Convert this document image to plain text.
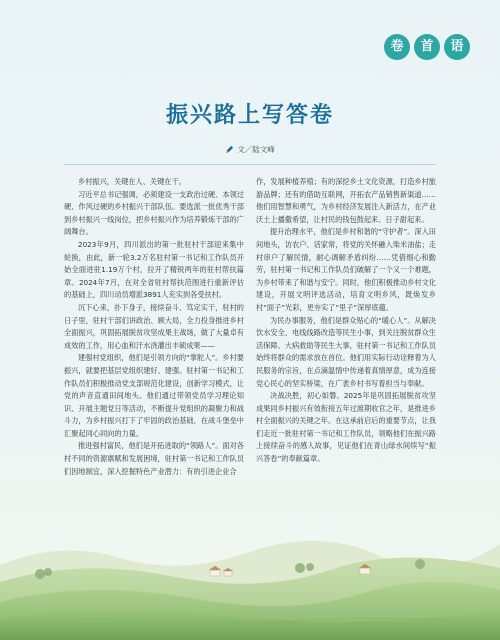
卷	首	语
振兴路上写答卷
文／陆文峰

乡村振兴，关键在人、关键在干。

习近平总书记强调，必须建设一支政治过硬、本领过硬、作风过硬的乡村振兴干部队伍。要选派一批优秀干部到乡村振兴一线岗位，把乡村振兴作为培养锻炼干部的广阔舞台。

2023年9月，四川派出的第一批驻村干部迎来集中轮换，由此，新一轮3.2万名驻村第一书记和工作队员开始全面进驻1.19万个村，拉开了精锐两年的驻村帮扶篇章。2024年7月，在对全省驻村帮扶范围进行重新评估的基础上，四川动员增派3891人充实到各受扶村。

沉下心来，扑下身子，接续奋斗、笃定实干，驻村的日子里，驻村干部们讲政治、顾大局，全力投身推进乡村全面振兴，巩固拓展脱贫攻坚成果主战场，做了大量卓有成效的工作，用心血和汗水浇灌出丰硕成果——

建强村党组织，他们是引领方向的“掌舵人”。乡村要振兴，就要把基层党组织建好、建强。驻村第一书记和工作队员们积极推动党支部规范化建设，创新学习模式，让党的声音直通田间地头。他们通过带领党员学习理论知识、开展主题党日等活动，不断提升党组织的凝聚力和战斗力，为乡村振兴打下了牢固的政治基础，在战斗堡垒中汇聚起同心同向的力量。

推进强村富民，他们是开拓进取的“领路人”。面对各村不同的资源禀赋和发展困境，驻村第一书记和工作队员们因地制宜，深入挖掘特色产业潜力：有的引进企业合

作，发展种植养殖；有的深挖乡土文化资源，打造乡村旅游品牌；还有的借助互联网，开拓农产品销售新渠道……他们用智慧和勇气，为乡村经济发展注入新活力，在产业沃土上播撒希望，让村民的钱包鼓起来、日子甜起来。

提升治理水平，他们是乡村和谐的“守护者”。深入田间地头，访农户、话家常，将党的关怀融入柴米油盐；走村串户了解民情，耐心调解矛盾纠纷……凭借细心和勤劳，驻村第一书记和工作队员们破解了一个又一个难题，为乡村带来了和谐与安宁。同时，他们积极推动乡村文化建设，开展文明评选活动，培育文明乡风，既焕发乡村“面子”光彩，更夯实了“里子”深厚底蕴。

为民办事服务，他们是群众贴心的“暖心人”。从解决饮水安全、电线线路改造等民生小事，到关注脱贫群众生活保障、大病救助等民生大事，驻村第一书记和工作队员始终将群众的需求放在首位。他们用实际行动诠释着为人民服务的宗旨，在点滴温情中传递着真情厚意，成为连接党心民心的坚实桥梁，在广袤乡村书写着担当与奉献。

决战决胜，初心如磐。2025年是巩固拓展脱贫攻坚成果同乡村振兴有效衔接五年过渡期收官之年，是推进乡村全面振兴的关键之年。在这承前启后的重要节点，让我们走近一批驻村第一书记和工作队员，领略他们在振兴路上接续奋斗的感人故事，见证他们在青山绿水间续写“振兴答卷”的奉献篇章。
